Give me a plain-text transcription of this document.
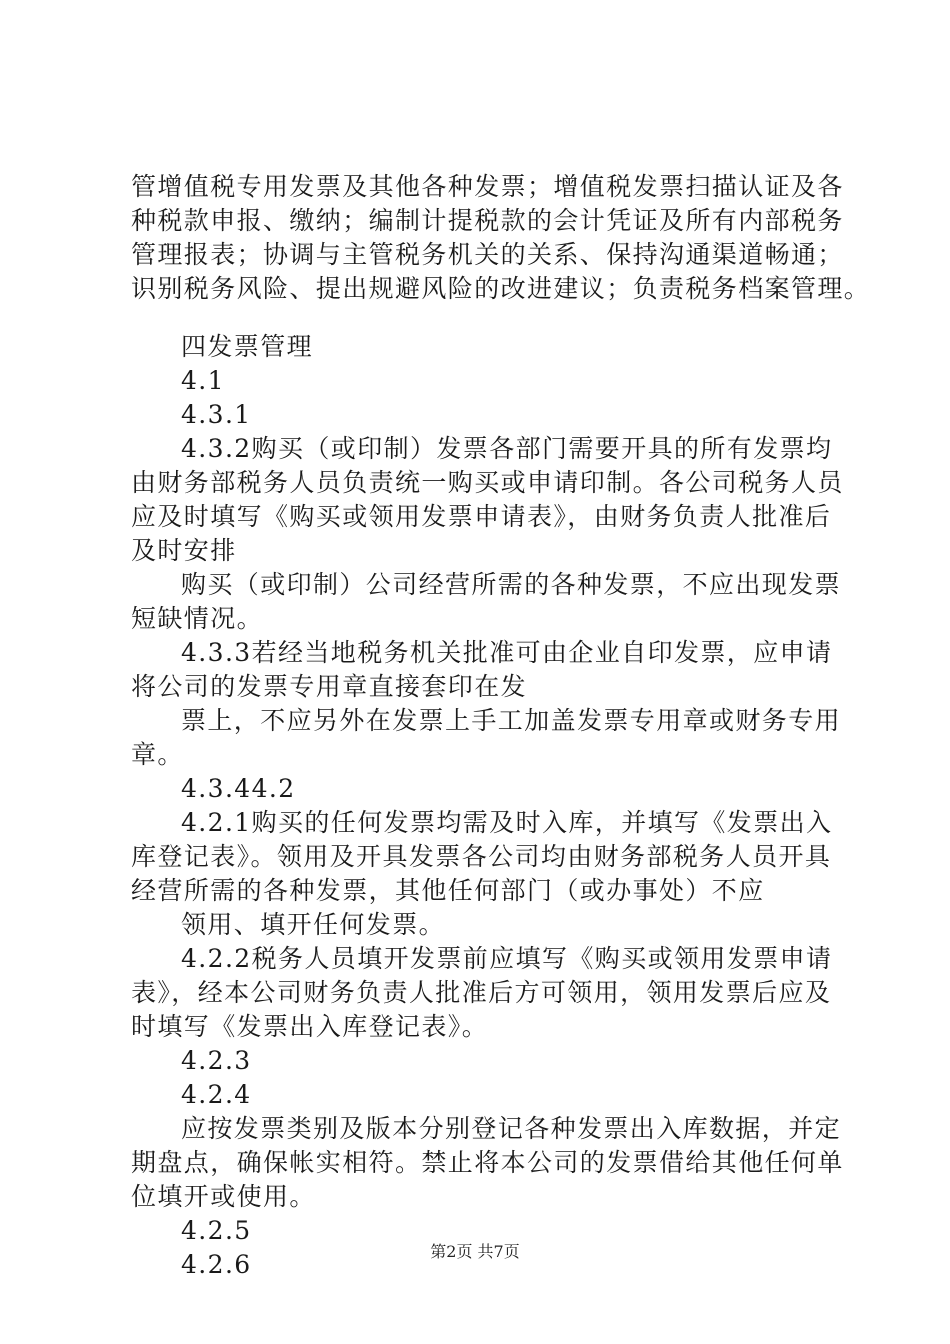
管增值税专用发票及其他各种发票；增值税发票扫描认证及各
种税款申报、缴纳；编制计提税款的会计凭证及所有内部税务
管理报表；协调与主管税务机关的关系、保持沟通渠道畅通；
识别税务风险、提出规避风险的改进建议；负责税务档案管理。
四发票管理
4.1
4.3.1
4.3.2购买（或印制）发票各部门需要开具的所有发票均
由财务部税务人员负责统一购买或申请印制。各公司税务人员
应及时填写《购买或领用发票申请表》，由财务负责人批准后
及时安排
购买（或印制）公司经营所需的各种发票，不应出现发票
短缺情况。
4.3.3若经当地税务机关批准可由企业自印发票，应申请
将公司的发票专用章直接套印在发
票上，不应另外在发票上手工加盖发票专用章或财务专用
章。
4.3.44.2
4.2.1购买的任何发票均需及时入库，并填写《发票出入
库登记表》。领用及开具发票各公司均由财务部税务人员开具
经营所需的各种发票，其他任何部门（或办事处）不应
领用、填开任何发票。
4.2.2税务人员填开发票前应填写《购买或领用发票申请
表》，经本公司财务负责人批准后方可领用，领用发票后应及
时填写《发票出入库登记表》。
4.2.3
4.2.4
应按发票类别及版本分别登记各种发票出入库数据，并定
期盘点，确保帐实相符。禁止将本公司的发票借给其他任何单
位填开或使用。
4.2.5
4.2.6	第2页 共7页
